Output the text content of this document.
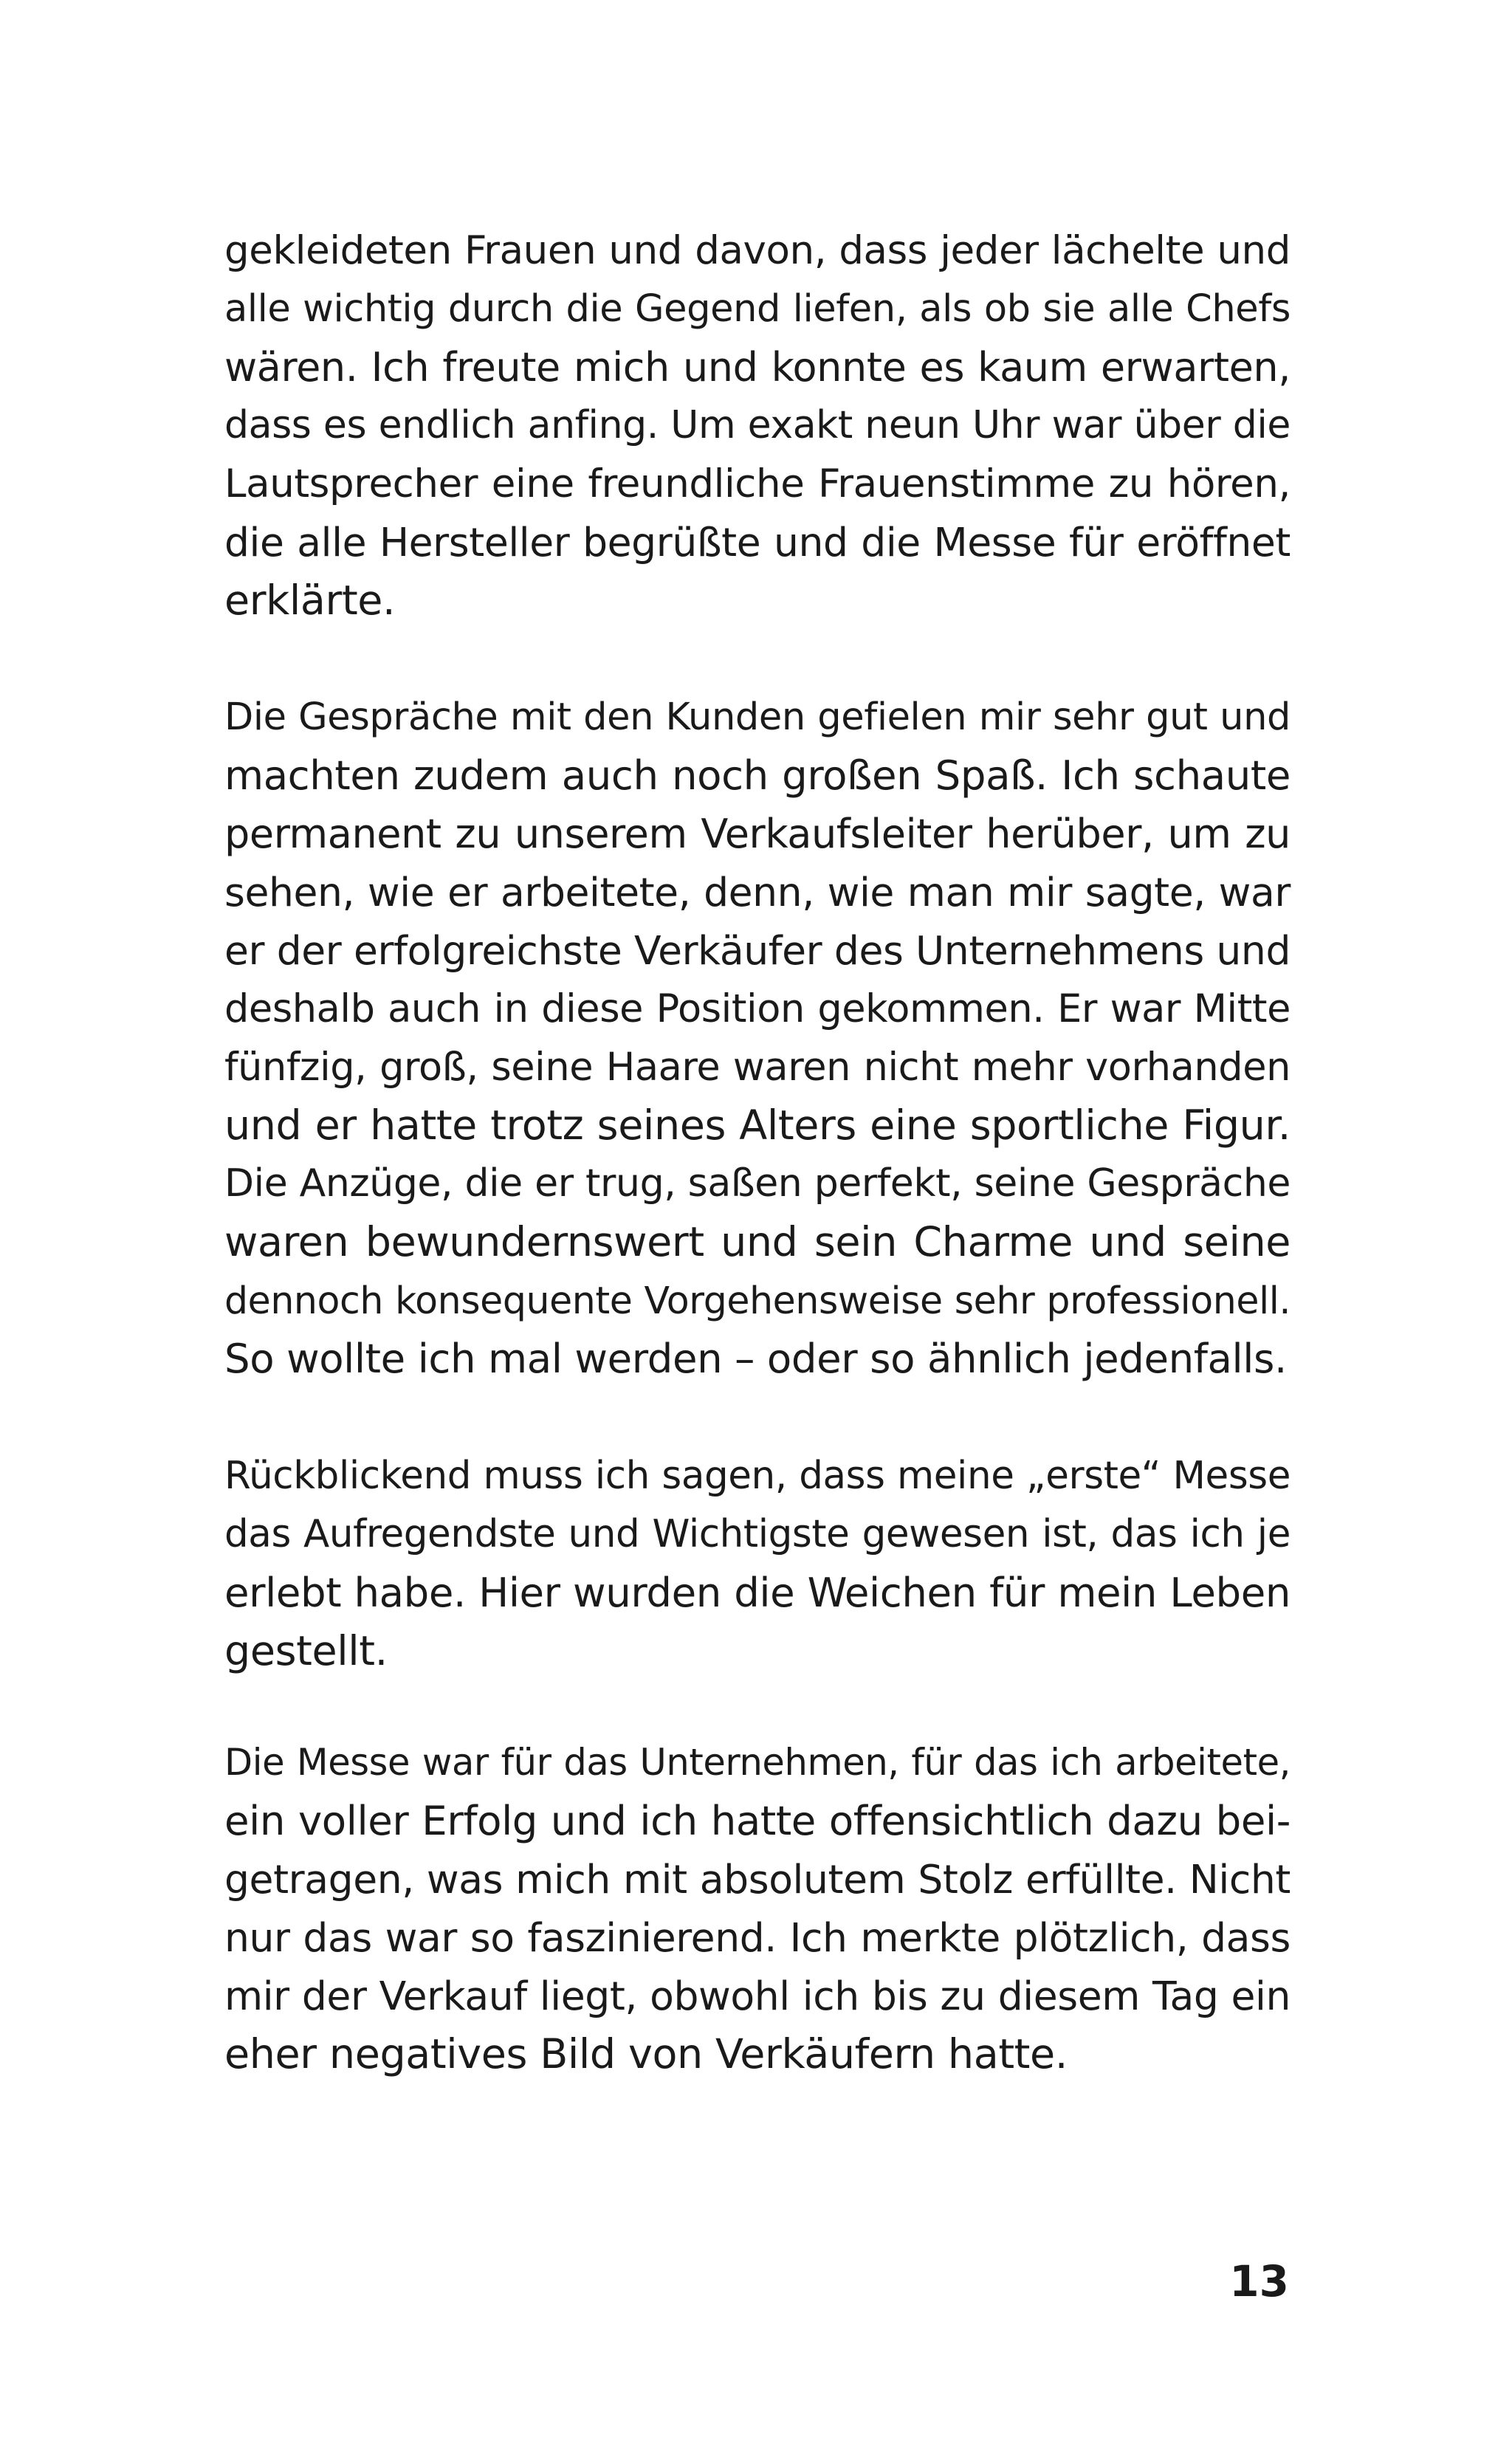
gekleideten Frauen und davon, dass jeder lächelte und
alle wichtig durch die Gegend liefen, als ob sie alle Chefs
wären. Ich freute mich und konnte es kaum erwarten,
dass es endlich anfing. Um exakt neun Uhr war über die
Lautsprecher eine freundliche Frauenstimme zu hören,
die alle Hersteller begrüßte und die Messe für eröffnet
erklärte.
Die Gespräche mit den Kunden gefielen mir sehr gut und
machten zudem auch noch großen Spaß. Ich schaute
permanent zu unserem Verkaufsleiter herüber, um zu
sehen, wie er arbeitete, denn, wie man mir sagte, war
er der erfolgreichste Verkäufer des Unternehmens und
deshalb auch in diese Position gekommen. Er war Mitte
fünfzig, groß, seine Haare waren nicht mehr vorhanden
und er hatte trotz seines Alters eine sportliche Figur.
Die Anzüge, die er trug, saßen perfekt, seine Gespräche
waren bewundernswert und sein Charme und seine
dennoch konsequente Vorgehensweise sehr professionell.
So wollte ich mal werden – oder so ähnlich jedenfalls.
Rückblickend muss ich sagen, dass meine „erste“ Messe
das Aufregendste und Wichtigste gewesen ist, das ich je
erlebt habe. Hier wurden die Weichen für mein Leben
gestellt.
Die Messe war für das Unternehmen, für das ich arbeitete,
ein voller Erfolg und ich hatte offensichtlich dazu bei-
getragen, was mich mit absolutem Stolz erfüllte. Nicht
nur das war so faszinierend. Ich merkte plötzlich, dass
mir der Verkauf liegt, obwohl ich bis zu diesem Tag ein
eher negatives Bild von Verkäufern hatte.
13
